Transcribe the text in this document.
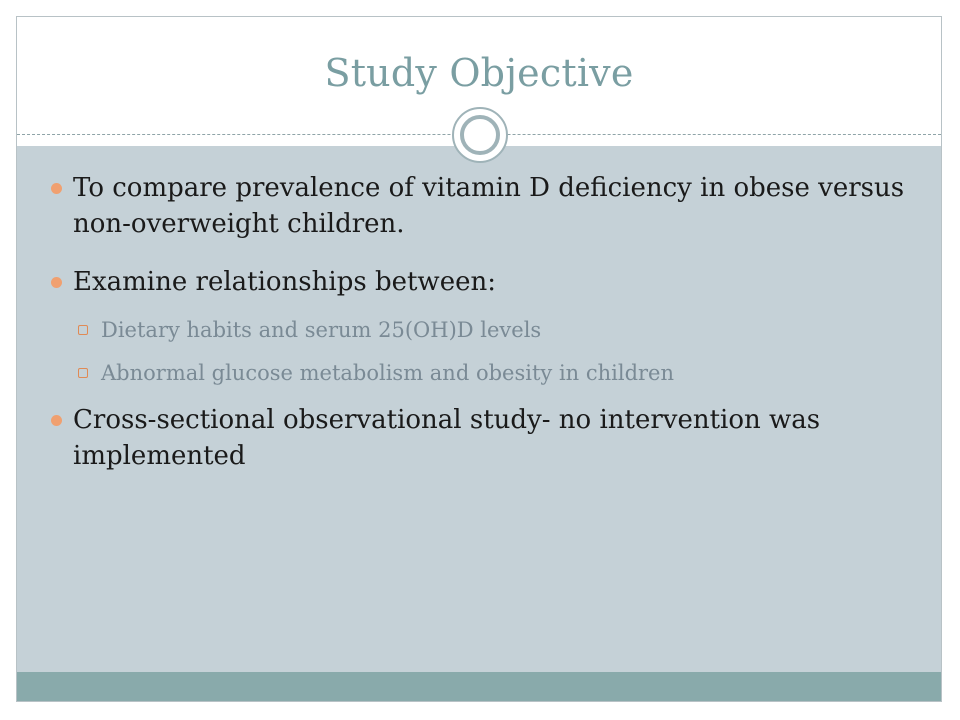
Study Objective
To compare prevalence of vitamin D deficiency in obese versus non-overweight children.
Examine relationships between:
Dietary habits and serum 25(OH)D levels
Abnormal glucose metabolism and obesity in children
Cross-sectional observational study- no intervention was implemented
